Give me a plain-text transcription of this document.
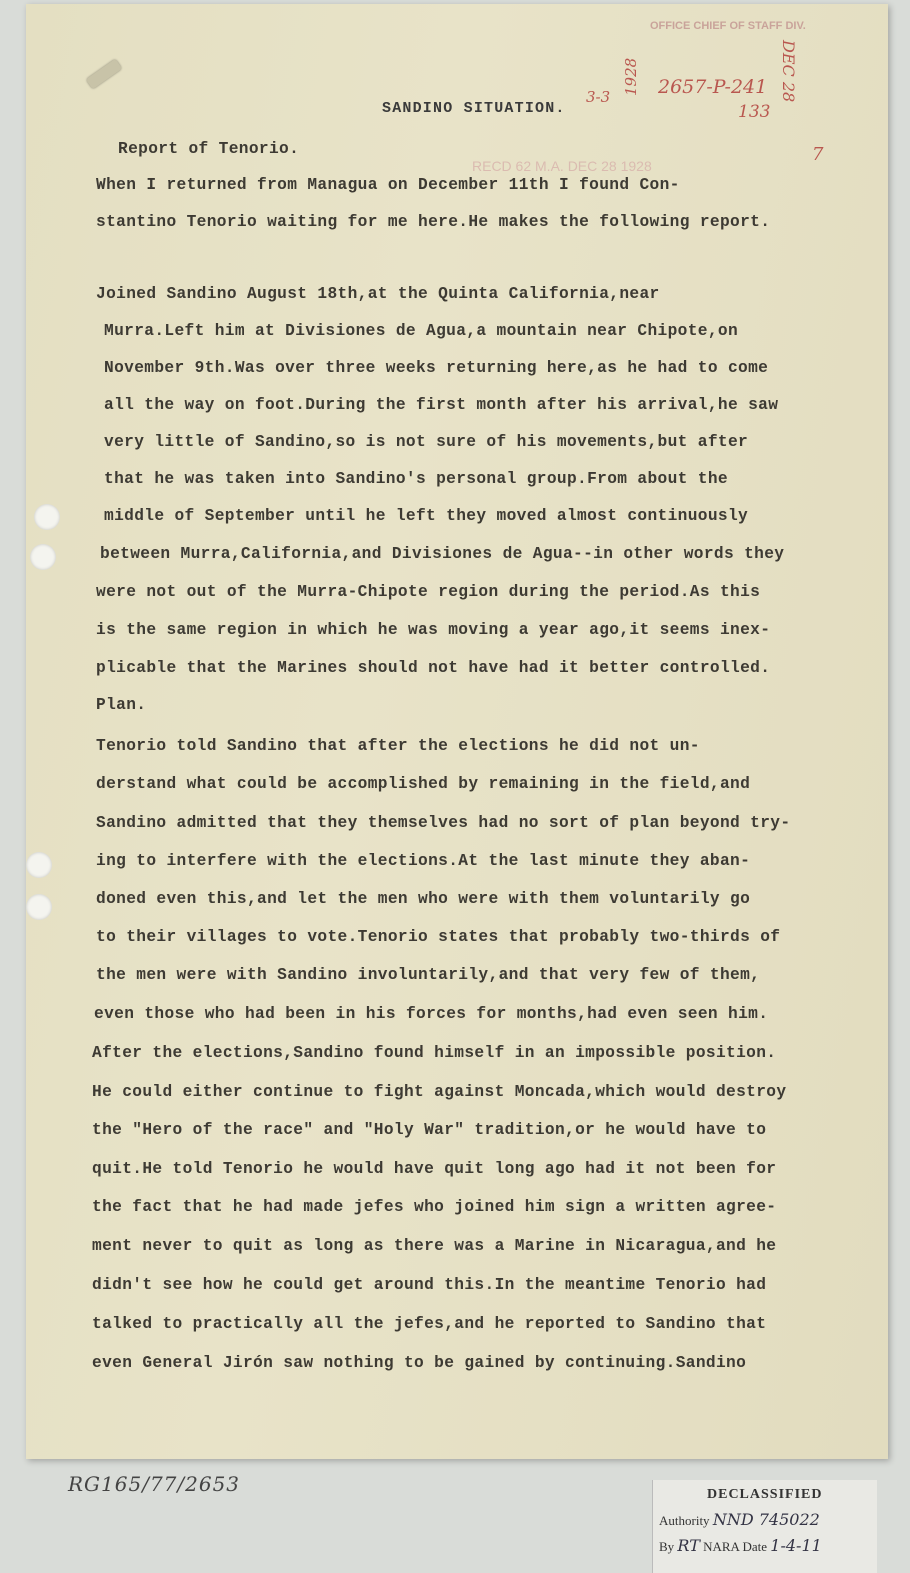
OFFICE CHIEF OF STAFF DIV.
SANDINO SITUATION.
3-3
1928 2657-P-241
133
DEC 28
7
RECD 62 M.A. DEC 28 1928
Report of Tenorio.
When I returned from Managua on December 11th I found Con-
stantino Tenorio waiting for me here.He makes the following report.
Joined Sandino August 18th,at the Quinta California,near
Murra.Left him at Divisiones de Agua,a mountain near Chipote,on
November 9th.Was over three weeks returning here,as he had to come
all the way on foot.During the first month after his arrival,he saw
very little of Sandino,so is not sure of his movements,but after
that he was taken into Sandino's personal group.From about the
middle of September until he left they moved almost continuously
between Murra,California,and Divisiones de Agua--in other words they
were not out of the Murra-Chipote region during the period.As this
is the same region in which he was moving a year ago,it seems inex-
plicable that the Marines should not have had it better controlled.
Plan.
Tenorio told Sandino that after the elections he did not un-
derstand what could be accomplished by remaining in the field,and
Sandino admitted that they themselves had no sort of plan beyond try-
ing to interfere with the elections.At the last minute they aban-
doned even this,and let the men who were with them voluntarily go
to their villages to vote.Tenorio states that probably two-thirds of
the men were with Sandino involuntarily,and that very few of them,
even those who had been in his forces for months,had even seen him.
After the elections,Sandino found himself in an impossible position.
He could either continue to fight against Moncada,which would destroy
the "Hero of the race" and "Holy War" tradition,or he would have to
quit.He told Tenorio he would have quit long ago had it not been for
the fact that he had made jefes who joined him sign a written agree-
ment never to quit as long as there was a Marine in Nicaragua,and he
didn't see how he could get around this.In the meantime Tenorio had
talked to practically all the jefes,and he reported to Sandino that
even General Jirón saw nothing to be gained by continuing.Sandino
RG165/77/2653	DECLASSIFIED
Authority NND 745022
By RT NARA Date 1-4-11
